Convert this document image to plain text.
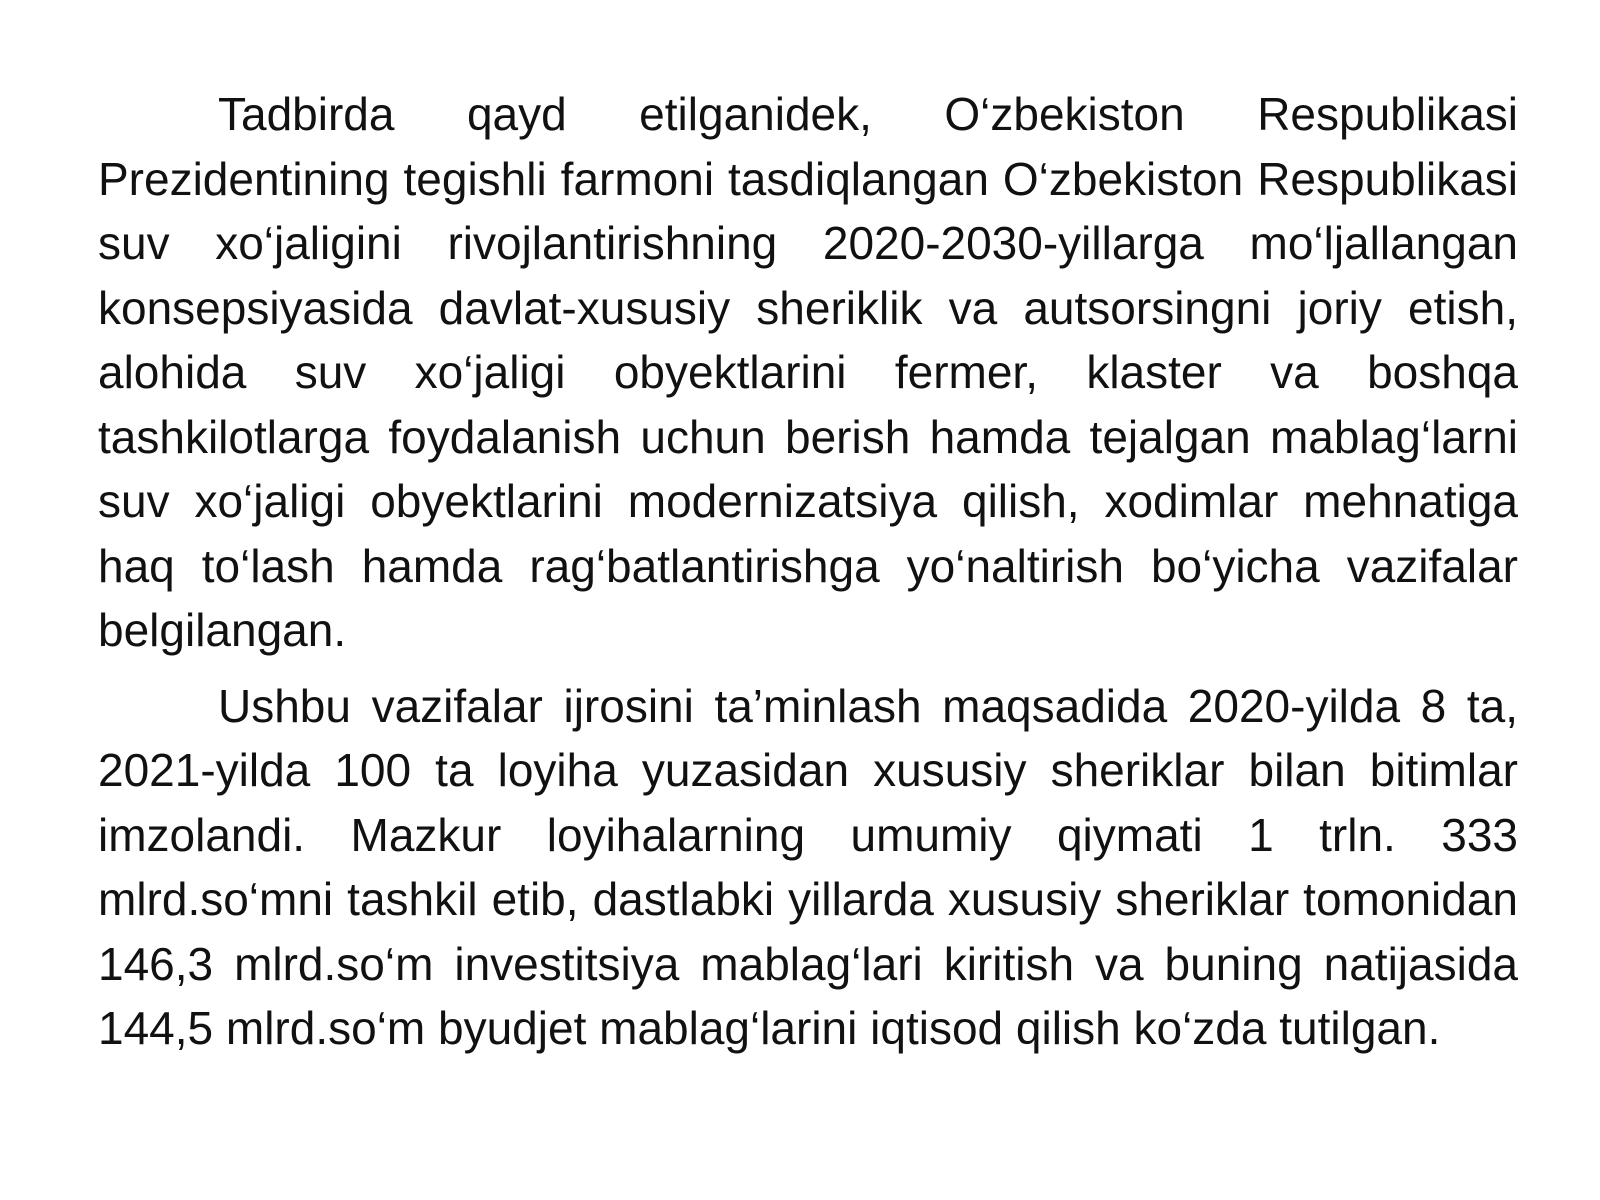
Tadbirda qayd etilganidek, O‘zbekiston Respublikasi Prezidentining tegishli farmoni tasdiqlangan O‘zbekiston Respublikasi suv xo‘jaligini rivojlantirishning 2020-2030-yillarga mo‘ljallangan konsepsiyasida davlat-xususiy sheriklik va autsorsingni joriy etish, alohida suv xo‘jaligi obyektlarini fermer, klaster va boshqa tashkilotlarga foydalanish uchun berish hamda tejalgan mablag‘larni suv xo‘jaligi obyektlarini modernizatsiya qilish, xodimlar mehnatiga haq to‘lash hamda rag‘batlantirishga yo‘naltirish bo‘yicha vazifalar belgilangan.

Ushbu vazifalar ijrosini ta’minlash maqsadida 2020-yilda 8 ta, 2021-yilda 100 ta loyiha yuzasidan xususiy sheriklar bilan bitimlar imzolandi. Mazkur loyihalarning umumiy qiymati 1 trln. 333 mlrd.so‘mni tashkil etib, dastlabki yillarda xususiy sheriklar tomonidan 146,3 mlrd.so‘m investitsiya mablag‘lari kiritish va buning natijasida 144,5 mlrd.so‘m byudjet mablag‘larini iqtisod qilish ko‘zda tutilgan.
